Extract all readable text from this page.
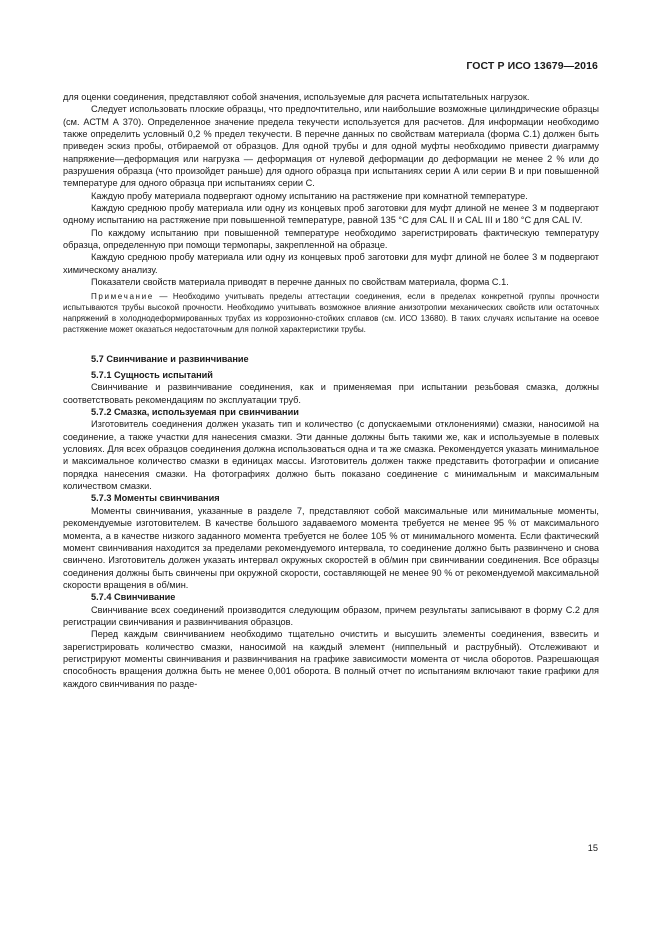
ГОСТ Р ИСО 13679—2016

для оценки соединения, представляют собой значения, используемые для расчета испытательных нагрузок.

Следует использовать плоские образцы, что предпочтительно, или наибольшие возможные цилиндрические образцы (см. АСТМ А 370). Определенное значение предела текучести используется для расчетов. Для информации необходимо также определить условный 0,2 % предел текучести. В перечне данных по свойствам материала (форма С.1) должен быть приведен эскиз пробы, отбираемой от образцов. Для одной трубы и для одной муфты необходимо привести диаграмму напряжение—деформация или нагрузка — деформация от нулевой деформации до деформации не менее 2 % или до разрушения образца (что произойдет раньше) для одного образца при испытаниях серии А или серии В и при повышенной температуре для одного образца при испытаниях серии С.

Каждую пробу материала подвергают одному испытанию на растяжение при комнатной температуре.

Каждую среднюю пробу материала или одну из концевых проб заготовки для муфт длиной не менее 3 м подвергают одному испытанию на растяжение при повышенной температуре, равной 135 °С для CAL II и CAL III и 180 °С для CAL IV.

По каждому испытанию при повышенной температуре необходимо зарегистрировать фактическую температуру образца, определенную при помощи термопары, закрепленной на образце.

Каждую среднюю пробу материала или одну из концевых проб заготовки для муфт длиной не более 3 м подвергают химическому анализу.

Показатели свойств материала приводят в перечне данных по свойствам материала, форма С.1.

Примечание — Необходимо учитывать пределы аттестации соединения, если в пределах конкретной группы прочности испытываются трубы высокой прочности. Необходимо учитывать возможное влияние анизотропии механических свойств или остаточных напряжений в холоднодеформированных трубах из коррозионно-стойких сплавов (см. ИСО 13680). В таких случаях испытание на осевое растяжение может оказаться недостаточным для полной характеристики трубы.

5.7 Свинчивание и развинчивание
5.7.1 Сущность испытаний

Свинчивание и развинчивание соединения, как и применяемая при испытании резьбовая смазка, должны соответствовать рекомендациям по эксплуатации труб.

5.7.2 Смазка, используемая при свинчивании

Изготовитель соединения должен указать тип и количество (с допускаемыми отклонениями) смазки, наносимой на соединение, а также участки для нанесения смазки. Эти данные должны быть такими же, как и используемые в полевых условиях. Для всех образцов соединения должна использоваться одна и та же смазка. Рекомендуется указать минимальное и максимальное количество смазки в единицах массы. Изготовитель должен также представить фотографии и описание порядка нанесения смазки. На фотографиях должно быть показано соединение с минимальным и максимальным количеством смазки.

5.7.3 Моменты свинчивания

Моменты свинчивания, указанные в разделе 7, представляют собой максимальные или минимальные моменты, рекомендуемые изготовителем. В качестве большого задаваемого момента требуется не менее 95 % от максимального момента, а в качестве низкого заданного момента требуется не более 105 % от минимального момента. Если фактический момент свинчивания находится за пределами рекомендуемого интервала, то соединение должно быть развинчено и снова свинчено. Изготовитель должен указать интервал окружных скоростей в об/мин при свинчивании соединения. Все образцы соединения должны быть свинчены при окружной скорости, составляющей не менее 90 % от рекомендуемой максимальной скорости вращения в об/мин.

5.7.4 Свинчивание

Свинчивание всех соединений производится следующим образом, причем результаты записывают в форму С.2 для регистрации свинчивания и развинчивания образцов.

Перед каждым свинчиванием необходимо тщательно очистить и высушить элементы соединения, взвесить и зарегистрировать количество смазки, наносимой на каждый элемент (ниппельный и раструбный). Отслеживают и регистрируют моменты свинчивания и развинчивания на графике зависимости момента от числа оборотов. Разрешающая способность вращения должна быть не менее 0,001 оборота. В полный отчет по испытаниям включают такие графики для каждого свинчивания по разде-

15
